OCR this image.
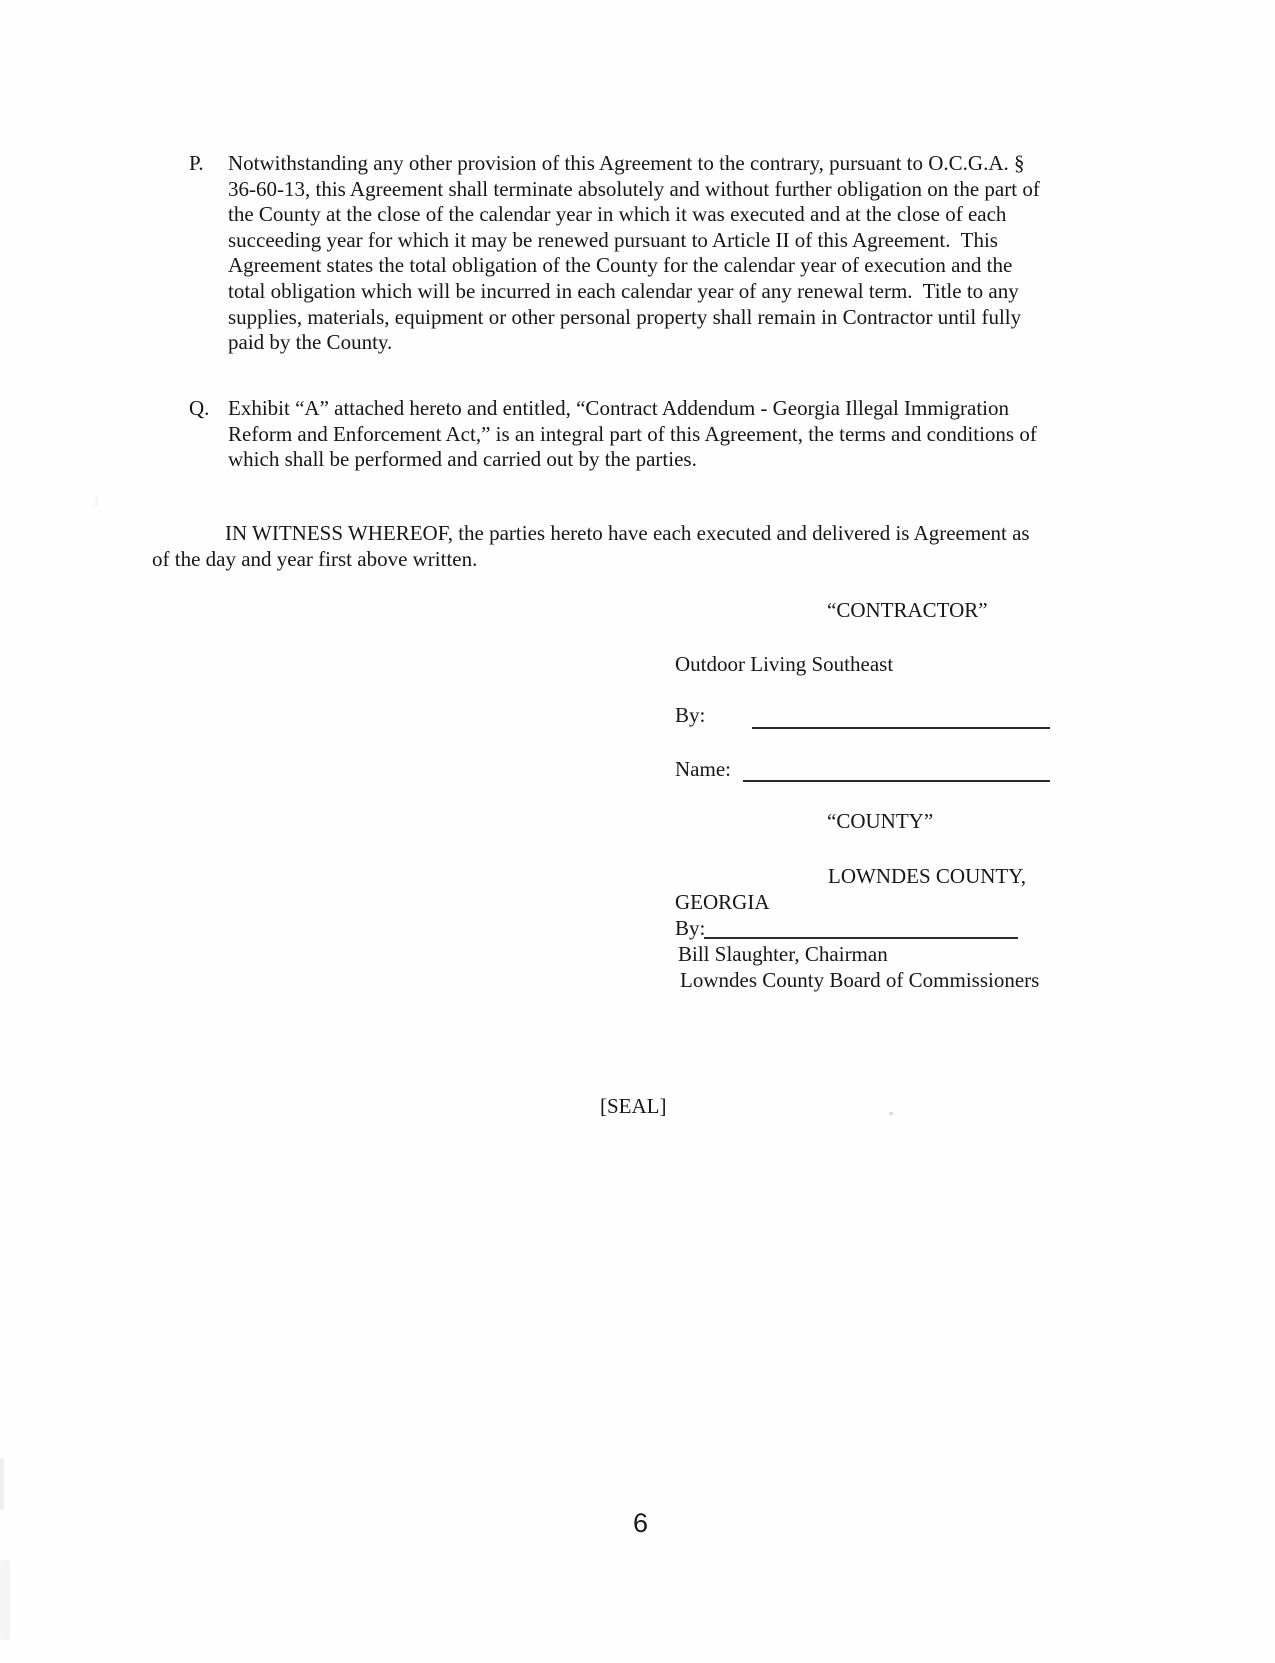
P.	Notwithstanding any other provision of this Agreement to the contrary, pursuant to O.C.G.A. §
36-60-13, this Agreement shall terminate absolutely and without further obligation on the part of
the County at the close of the calendar year in which it was executed and at the close of each
succeeding year for which it may be renewed pursuant to Article II of this Agreement.  This
Agreement states the total obligation of the County for the calendar year of execution and the
total obligation which will be incurred in each calendar year of any renewal term.  Title to any
supplies, materials, equipment or other personal property shall remain in Contractor until fully
paid by the County.
Q. Exhibit “A” attached hereto and entitled, “Contract Addendum - Georgia Illegal Immigration
Reform and Enforcement Act,” is an integral part of this Agreement, the terms and conditions of
which shall be performed and carried out by the parties.
IN WITNESS WHEREOF, the parties hereto have each executed and delivered is Agreement as
of the day and year first above written.
“CONTRACTOR”
Outdoor Living Southeast
By:
Name:
“COUNTY”
LOWNDES COUNTY,
GEORGIA
By:
Bill Slaughter, Chairman
Lowndes County Board of Commissioners
[SEAL]
6
